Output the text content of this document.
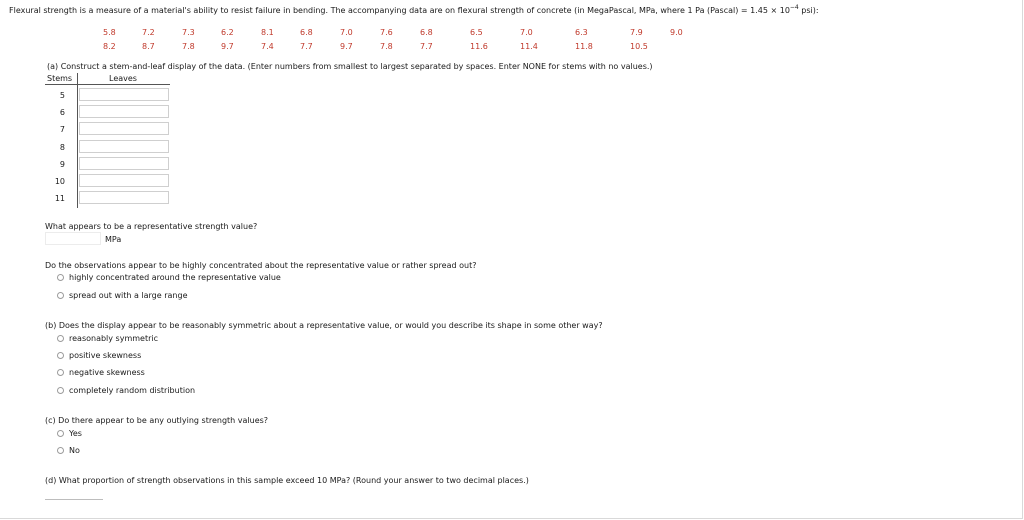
Flexural strength is a measure of a material's ability to resist failure in bending. The accompanying data are on flexural strength of concrete (in MegaPascal, MPa, where 1 Pa (Pascal) = $1.45 \times 10^{-4}$ psi):
5.8	7.2	7.3	6.2	8.1	6.8	7.0	7.6	6.8	6.5	7.0	6.3	7.9	9.0
8.2	8.7	7.8	9.7	7.4	7.7	9.7	7.8	7.7	11.6	11.4	11.8	10.5
(a) Construct a stem-and-leaf display of the data. (Enter numbers from smallest to largest separated by spaces. Enter NONE for stems with no values.)
Stems	Leaves
5
6
7
8
9
10
11
What appears to be a representative strength value?
MPa
Do the observations appear to be highly concentrated about the representative value or rather spread out?
highly concentrated around the representative value
spread out with a large range
(b) Does the display appear to be reasonably symmetric about a representative value, or would you describe its shape in some other way?
reasonably symmetric
positive skewness
negative skewness
completely random distribution
(c) Do there appear to be any outlying strength values?
Yes
No
(d) What proportion of strength observations in this sample exceed 10 MPa? (Round your answer to two decimal places.)
